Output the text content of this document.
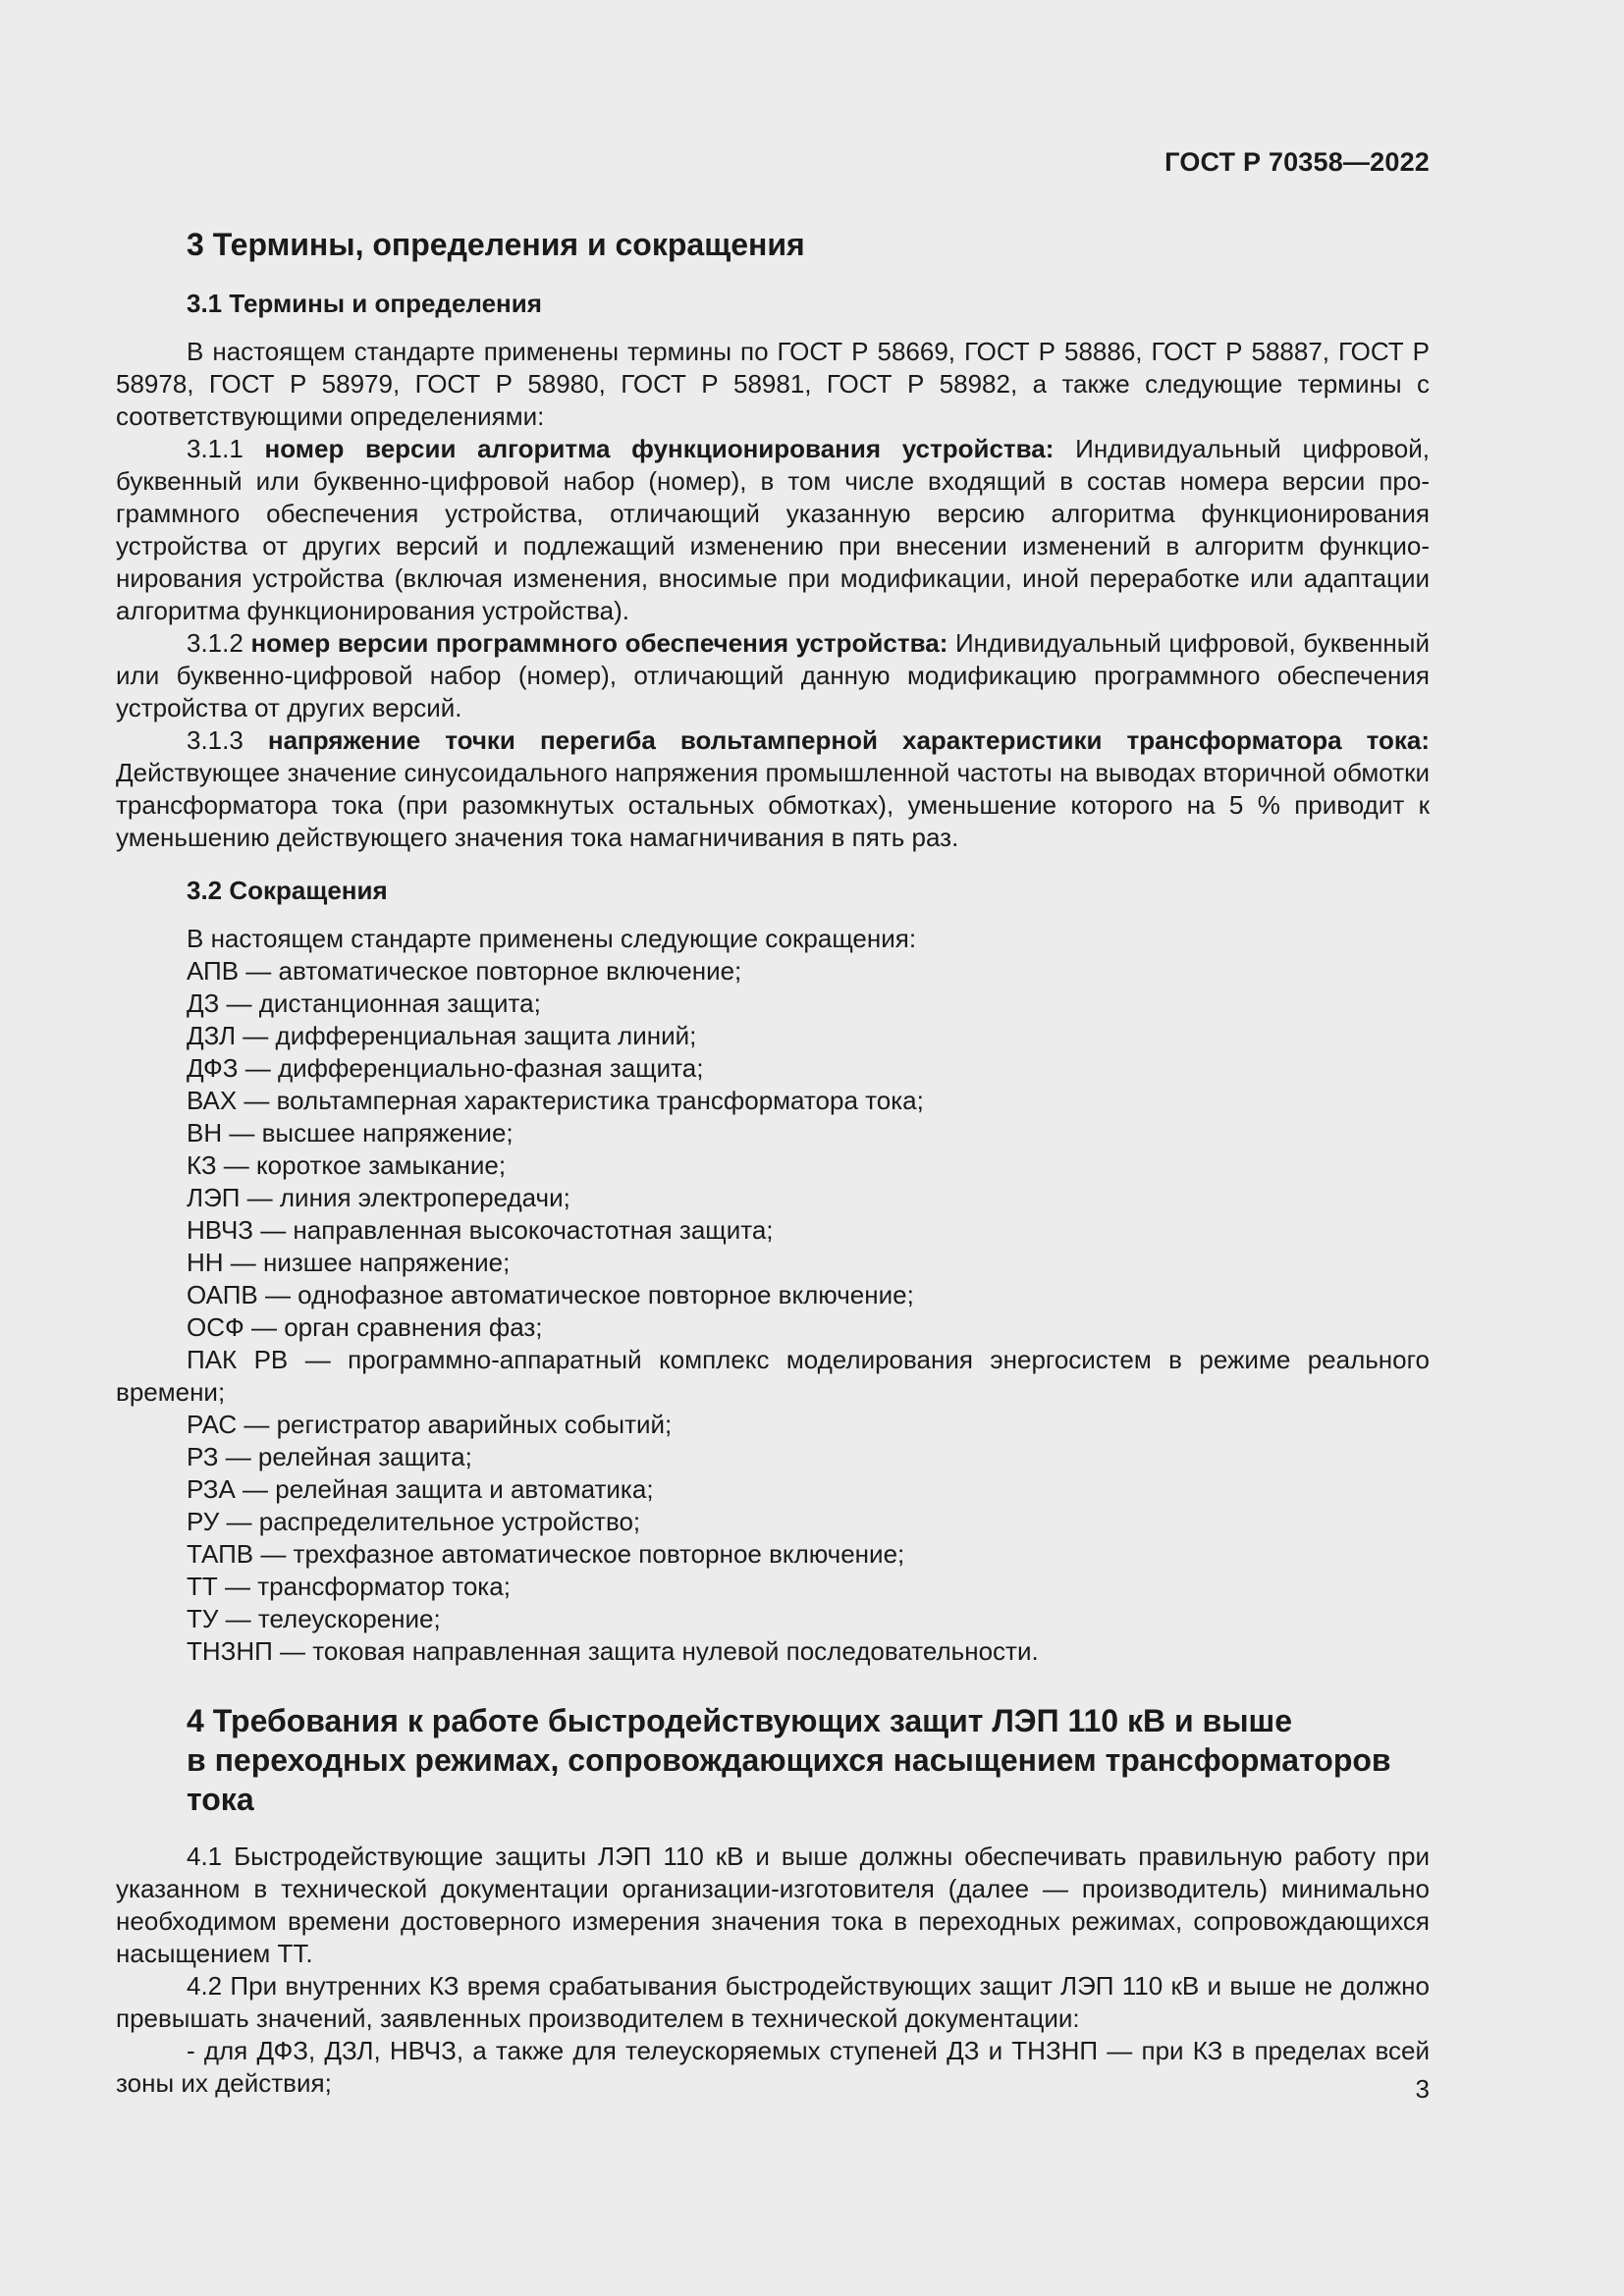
ГОСТ Р 70358—2022
3 Термины, определения и сокращения
3.1 Термины и определения

В настоящем стандарте применены термины по ГОСТ Р 58669, ГОСТ Р 58886, ГОСТ Р 58887, ГОСТ Р 58978, ГОСТ Р 58979, ГОСТ Р 58980, ГОСТ Р 58981, ГОСТ Р 58982, а также следующие термины с соответствующими определениями:

3.1.1 номер версии алгоритма функционирования устройства: Индивидуальный цифровой, буквенный или буквенно-цифровой набор (номер), в том числе входящий в состав номера версии программного обеспечения устройства, отличающий указанную версию алгоритма функционирования устройства от других версий и подлежащий изменению при внесении изменений в алгоритм функционирования устройства (включая изменения, вносимые при модификации, иной переработке или адаптации алгоритма функционирования устройства).

3.1.2 номер версии программного обеспечения устройства: Индивидуальный цифровой, буквенный или буквенно-цифровой набор (номер), отличающий данную модификацию программного обеспечения устройства от других версий.

3.1.3 напряжение точки перегиба вольтамперной характеристики трансформатора тока: Действующее значение синусоидального напряжения промышленной частоты на выводах вторичной обмотки трансформатора тока (при разомкнутых остальных обмотках), уменьшение которого на 5 % приводит к уменьшению действующего значения тока намагничивания в пять раз.

3.2 Сокращения

В настоящем стандарте применены следующие сокращения:

АПВ — автоматическое повторное включение;

ДЗ — дистанционная защита;

ДЗЛ — дифференциальная защита линий;

ДФЗ — дифференциально-фазная защита;

ВАХ — вольтамперная характеристика трансформатора тока;

ВН — высшее напряжение;

КЗ — короткое замыкание;

ЛЭП — линия электропередачи;

НВЧЗ — направленная высокочастотная защита;

НН — низшее напряжение;

ОАПВ — однофазное автоматическое повторное включение;

ОСФ — орган сравнения фаз;

ПАК РВ — программно-аппаратный комплекс моделирования энергосистем в режиме реального времени;

РАС — регистратор аварийных событий;

РЗ — релейная защита;

РЗА — релейная защита и автоматика;

РУ — распределительное устройство;

ТАПВ — трехфазное автоматическое повторное включение;

ТТ — трансформатор тока;

ТУ — телеускорение;

ТНЗНП — токовая направленная защита нулевой последовательности.

4 Требования к работе быстродействующих защит ЛЭП 110 кВ и выше
в переходных режимах, сопровождающихся насыщением трансформаторов тока

4.1 Быстродействующие защиты ЛЭП 110 кВ и выше должны обеспечивать правильную работу при указанном в технической документации организации-изготовителя (далее — производитель) минимально необходимом времени достоверного измерения значения тока в переходных режимах, сопровождающихся насыщением ТТ.

4.2 При внутренних КЗ время срабатывания быстродействующих защит ЛЭП 110 кВ и выше не должно превышать значений, заявленных производителем в технической документации:

- для ДФЗ, ДЗЛ, НВЧЗ, а также для телеускоряемых ступеней ДЗ и ТНЗНП — при КЗ в пределах всей зоны их действия;	3
